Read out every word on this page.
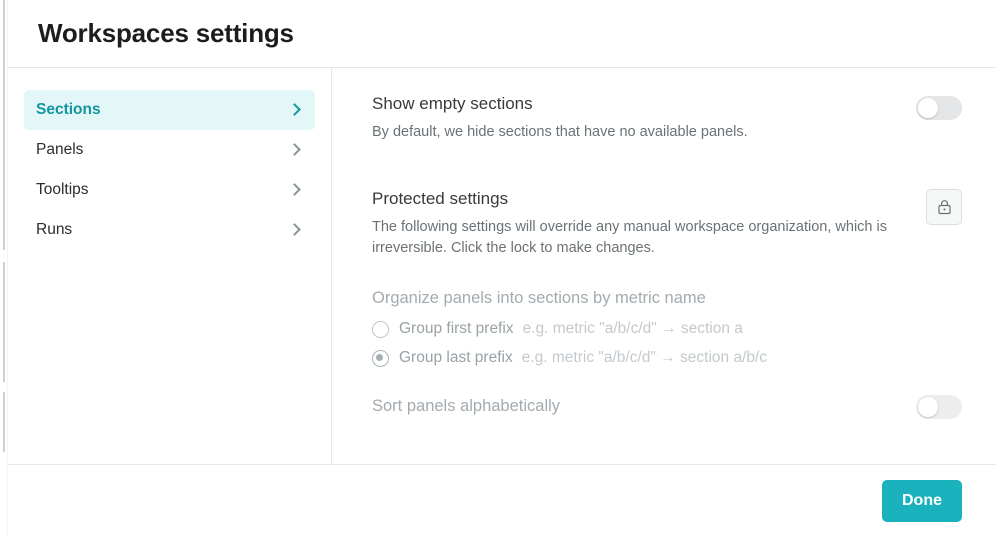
Workspaces settings
Sections
Panels
Tooltips
Runs
Show empty sections
By default, we hide sections that have no available panels.
Protected settings
The following settings will override any manual workspace organization, which is irreversible. Click the lock to make changes.
Organize panels into sections by metric name
Group first prefix e.g. metric "a/b/c/d" → section a
Group last prefix e.g. metric "a/b/c/d" → section a/b/c
Sort panels alphabetically
Done
